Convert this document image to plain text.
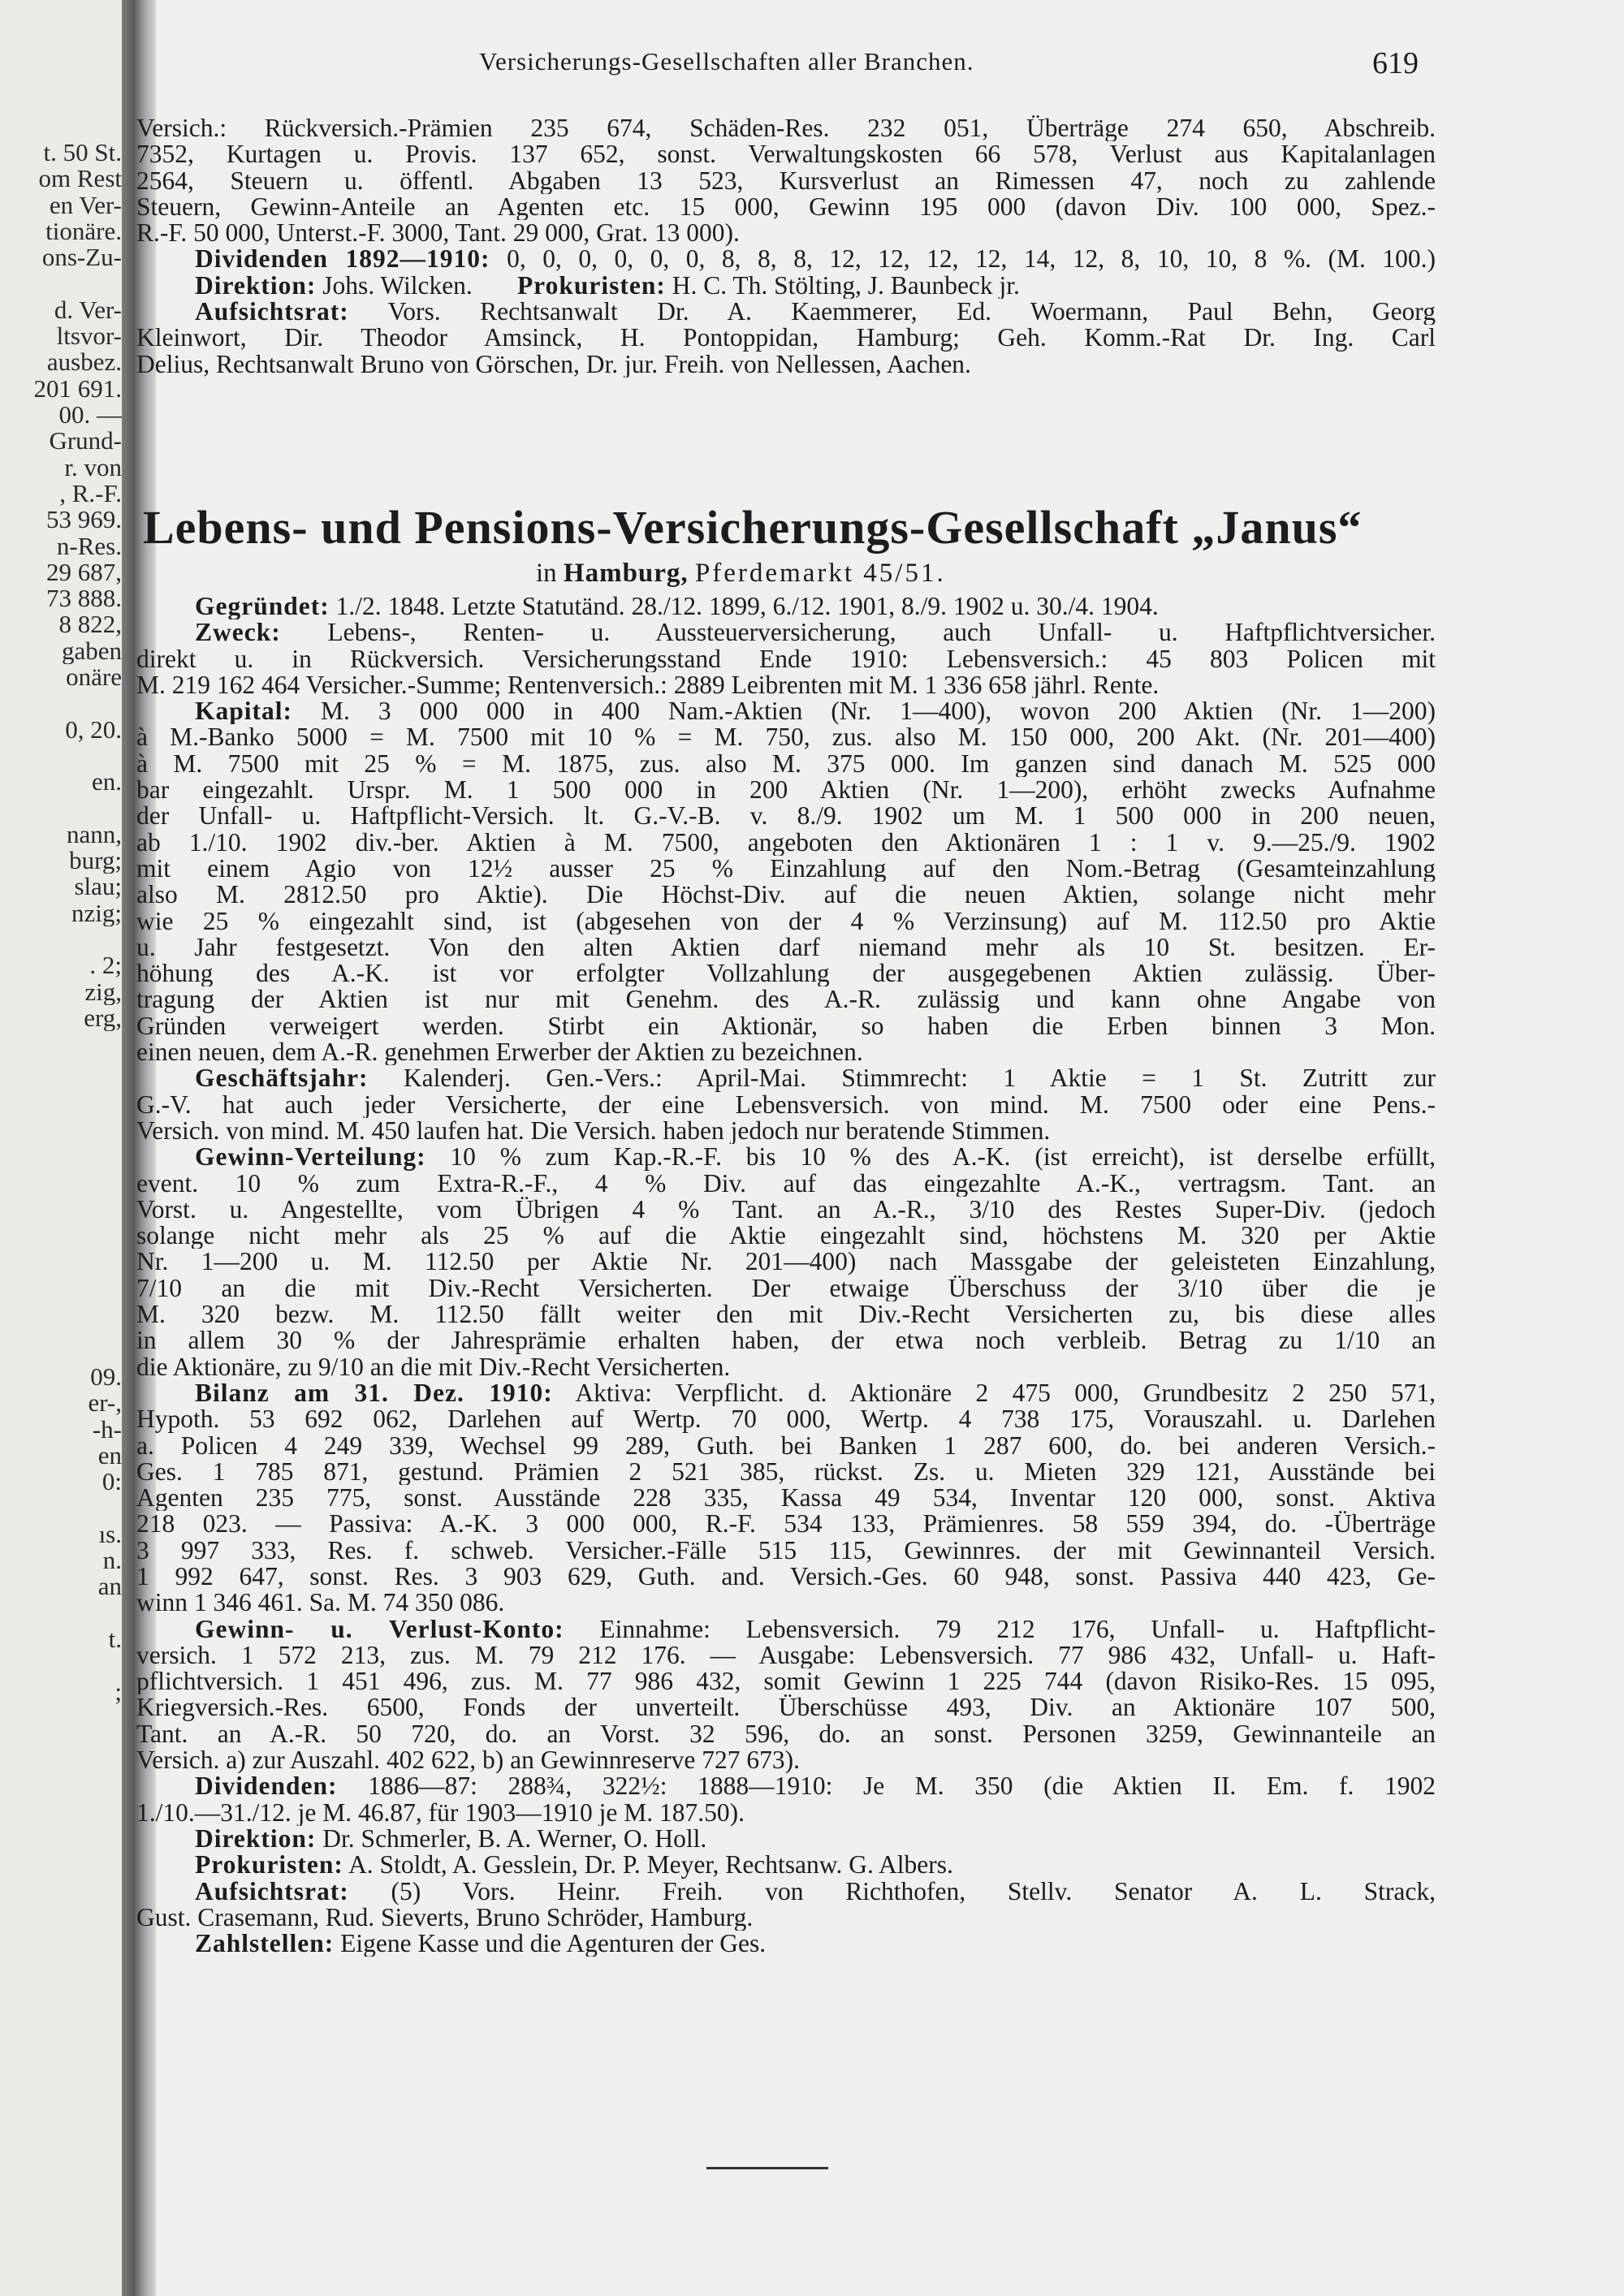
t. 50 St.
om Rest
en Ver-
tionäre.
ons-Zu-
d. Ver-
ltsvor-
ausbez.
201 691.
00. —
Grund-
r. von
, R.-F.
53 969.
n-Res.
29 687,
73 888.
8 822,
gaben
onäre
0, 20.
en.
nann,
burg;
slau;
nzig;
. 2;
zig,
erg,
09.
er-,
-h-
en
0:
ıs.
n.
an
t.
;
Versicherungs-Gesellschaften aller Branchen.	619
Versich.: Rückversich.-Prämien 235 674, Schäden-Res. 232 051, Überträge 274 650, Abschreib.
7352, Kurtagen u. Provis. 137 652, sonst. Verwaltungskosten 66 578, Verlust aus Kapitalanlagen
2564, Steuern u. öffentl. Abgaben 13 523, Kursverlust an Rimessen 47, noch zu zahlende
Steuern, Gewinn-Anteile an Agenten etc. 15 000, Gewinn 195 000 (davon Div. 100 000, Spez.-
R.-F. 50 000, Unterst.-F. 3000, Tant. 29 000, Grat. 13 000).
Dividenden 1892—1910: 0, 0, 0, 0, 0, 0, 8, 8, 8, 12, 12, 12, 12, 14, 12, 8, 10, 10, 8 %. (M. 100.)
Direktion: Johs. Wilcken. Prokuristen: H. C. Th. Stölting, J. Baunbeck jr.
Aufsichtsrat: Vors. Rechtsanwalt Dr. A. Kaemmerer, Ed. Woermann, Paul Behn, Georg
Kleinwort, Dir. Theodor Amsinck, H. Pontoppidan, Hamburg; Geh. Komm.-Rat Dr. Ing. Carl
Delius, Rechtsanwalt Bruno von Görschen, Dr. jur. Freih. von Nellessen, Aachen.
Lebens- und Pensions-Versicherungs-Gesellschaft „Janus“
in Hamburg, Pferdemarkt 45/51.
Gegründet: 1./2. 1848. Letzte Statutänd. 28./12. 1899, 6./12. 1901, 8./9. 1902 u. 30./4. 1904.
Zweck: Lebens-, Renten- u. Aussteuerversicherung, auch Unfall- u. Haftpflichtversicher.
direkt u. in Rückversich. Versicherungsstand Ende 1910: Lebensversich.: 45 803 Policen mit
M. 219 162 464 Versicher.-Summe; Rentenversich.: 2889 Leibrenten mit M. 1 336 658 jährl. Rente.
Kapital: M. 3 000 000 in 400 Nam.-Aktien (Nr. 1—400), wovon 200 Aktien (Nr. 1—200)
à M.-Banko 5000 = M. 7500 mit 10 % = M. 750, zus. also M. 150 000, 200 Akt. (Nr. 201—400)
à M. 7500 mit 25 % = M. 1875, zus. also M. 375 000. Im ganzen sind danach M. 525 000
bar eingezahlt. Urspr. M. 1 500 000 in 200 Aktien (Nr. 1—200), erhöht zwecks Aufnahme
der Unfall- u. Haftpflicht-Versich. lt. G.-V.-B. v. 8./9. 1902 um M. 1 500 000 in 200 neuen,
ab 1./10. 1902 div.-ber. Aktien à M. 7500, angeboten den Aktionären 1 : 1 v. 9.—25./9. 1902
mit einem Agio von 12½ ausser 25 % Einzahlung auf den Nom.-Betrag (Gesamteinzahlung
also M. 2812.50 pro Aktie). Die Höchst-Div. auf die neuen Aktien, solange nicht mehr
wie 25 % eingezahlt sind, ist (abgesehen von der 4 % Verzinsung) auf M. 112.50 pro Aktie
u. Jahr festgesetzt. Von den alten Aktien darf niemand mehr als 10 St. besitzen. Er-
höhung des A.-K. ist vor erfolgter Vollzahlung der ausgegebenen Aktien zulässig. Über-
tragung der Aktien ist nur mit Genehm. des A.-R. zulässig und kann ohne Angabe von
Gründen verweigert werden. Stirbt ein Aktionär, so haben die Erben binnen 3 Mon.
einen neuen, dem A.-R. genehmen Erwerber der Aktien zu bezeichnen.
Geschäftsjahr: Kalenderj. Gen.-Vers.: April-Mai. Stimmrecht: 1 Aktie = 1 St. Zutritt zur
G.-V. hat auch jeder Versicherte, der eine Lebensversich. von mind. M. 7500 oder eine Pens.-
Versich. von mind. M. 450 laufen hat. Die Versich. haben jedoch nur beratende Stimmen.
Gewinn-Verteilung: 10 % zum Kap.-R.-F. bis 10 % des A.-K. (ist erreicht), ist derselbe erfüllt,
event. 10 % zum Extra-R.-F., 4 % Div. auf das eingezahlte A.-K., vertragsm. Tant. an
Vorst. u. Angestellte, vom Übrigen 4 % Tant. an A.-R., 3/10 des Restes Super-Div. (jedoch
solange nicht mehr als 25 % auf die Aktie eingezahlt sind, höchstens M. 320 per Aktie
Nr. 1—200 u. M. 112.50 per Aktie Nr. 201—400) nach Massgabe der geleisteten Einzahlung,
7/10 an die mit Div.-Recht Versicherten. Der etwaige Überschuss der 3/10 über die je
M. 320 bezw. M. 112.50 fällt weiter den mit Div.-Recht Versicherten zu, bis diese alles
in allem 30 % der Jahresprämie erhalten haben, der etwa noch verbleib. Betrag zu 1/10 an
die Aktionäre, zu 9/10 an die mit Div.-Recht Versicherten.
Bilanz am 31. Dez. 1910: Aktiva: Verpflicht. d. Aktionäre 2 475 000, Grundbesitz 2 250 571,
Hypoth. 53 692 062, Darlehen auf Wertp. 70 000, Wertp. 4 738 175, Vorauszahl. u. Darlehen
a. Policen 4 249 339, Wechsel 99 289, Guth. bei Banken 1 287 600, do. bei anderen Versich.-
Ges. 1 785 871, gestund. Prämien 2 521 385, rückst. Zs. u. Mieten 329 121, Ausstände bei
Agenten 235 775, sonst. Ausstände 228 335, Kassa 49 534, Inventar 120 000, sonst. Aktiva
218 023. — Passiva: A.-K. 3 000 000, R.-F. 534 133, Prämienres. 58 559 394, do. -Überträge
3 997 333, Res. f. schweb. Versicher.-Fälle 515 115, Gewinnres. der mit Gewinnanteil Versich.
1 992 647, sonst. Res. 3 903 629, Guth. and. Versich.-Ges. 60 948, sonst. Passiva 440 423, Ge-
winn 1 346 461. Sa. M. 74 350 086.
Gewinn- u. Verlust-Konto: Einnahme: Lebensversich. 79 212 176, Unfall- u. Haftpflicht-
versich. 1 572 213, zus. M. 79 212 176. — Ausgabe: Lebensversich. 77 986 432, Unfall- u. Haft-
pflichtversich. 1 451 496, zus. M. 77 986 432, somit Gewinn 1 225 744 (davon Risiko-Res. 15 095,
Kriegversich.-Res. 6500, Fonds der unverteilt. Überschüsse 493, Div. an Aktionäre 107 500,
Tant. an A.-R. 50 720, do. an Vorst. 32 596, do. an sonst. Personen 3259, Gewinnanteile an
Versich. a) zur Auszahl. 402 622, b) an Gewinnreserve 727 673).
Dividenden: 1886—87: 288¾, 322½: 1888—1910: Je M. 350 (die Aktien II. Em. f. 1902
1./10.—31./12. je M. 46.87, für 1903—1910 je M. 187.50).
Direktion: Dr. Schmerler, B. A. Werner, O. Holl.
Prokuristen: A. Stoldt, A. Gesslein, Dr. P. Meyer, Rechtsanw. G. Albers.
Aufsichtsrat: (5) Vors. Heinr. Freih. von Richthofen, Stellv. Senator A. L. Strack,
Gust. Crasemann, Rud. Sieverts, Bruno Schröder, Hamburg.
Zahlstellen: Eigene Kasse und die Agenturen der Ges.
